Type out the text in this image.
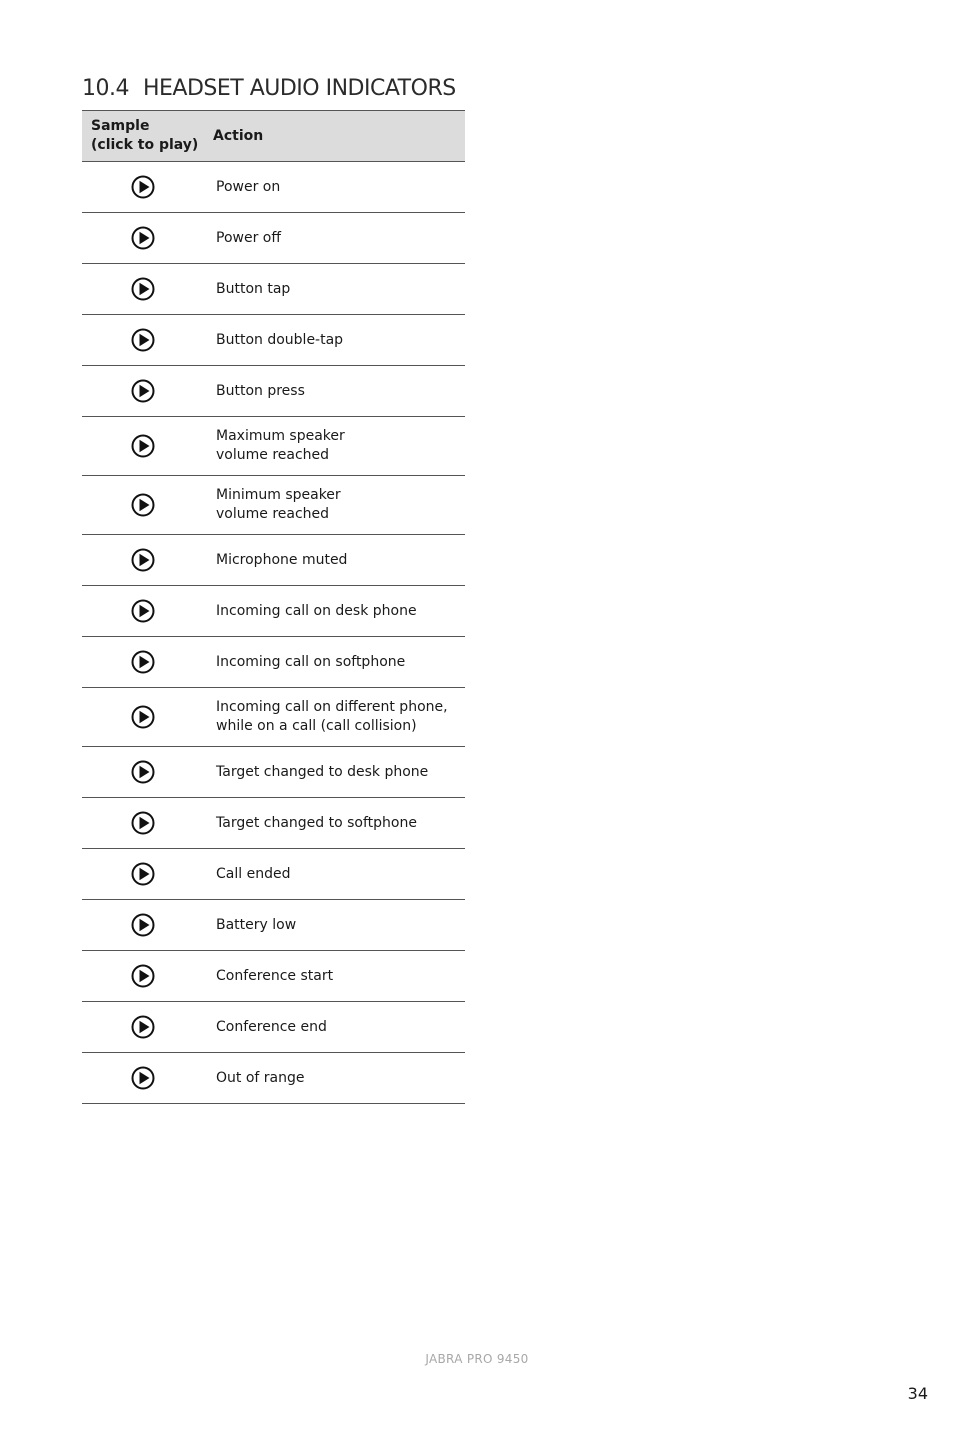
10.4 HEADSET AUDIO INDICATORS
Sample
(click to play)
Action
Power on
Power off
Button tap
Button double-tap
Button press
Maximum speaker
volume reached
Minimum speaker
volume reached
Microphone muted
Incoming call on desk phone
Incoming call on softphone
Incoming call on different phone,
while on a call (call collision)
Target changed to desk phone
Target changed to softphone
Call ended
Battery low
Conference start
Conference end
Out of range
JABRA PRO 9450
34
